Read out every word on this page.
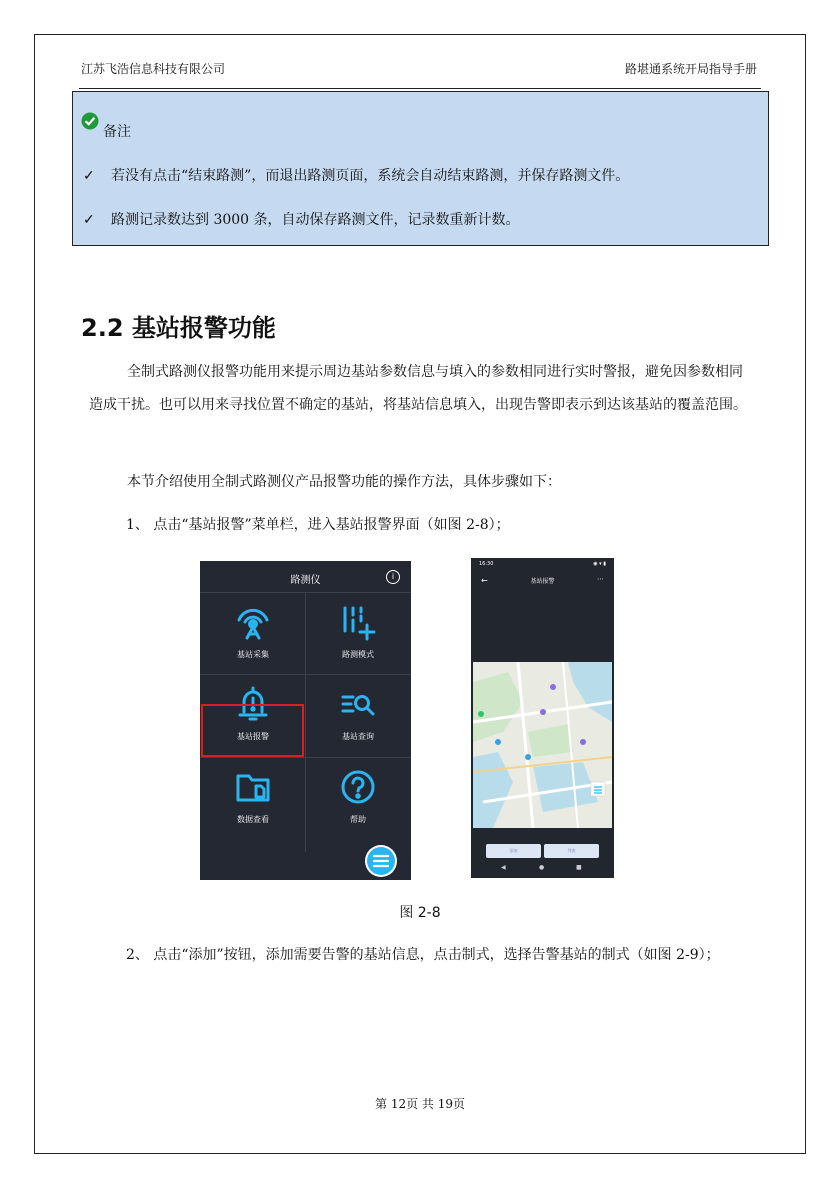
江苏飞浩信息科技有限公司	路堪通系统开局指导手册
备注
✓ 若没有点击“结束路测”，而退出路测页面，系统会自动结束路测，并保存路测文件。
✓ 路测记录数达到 3000 条，自动保存路测文件，记录数重新计数。
2.2 基站报警功能

全制式路测仪报警功能用来提示周边基站参数信息与填入的参数相同进行实时警报，避免因参数相同造成干扰。也可以用来寻找位置不确定的基站，将基站信息填入，出现告警即表示到达该基站的覆盖范围。

本节介绍使用全制式路测仪产品报警功能的操作方法，具体步骤如下：

1、 点击“基站报警”菜单栏，进入基站报警界面（如图 2-8）；
路测仪	i
基站采集	路测模式
基站报警	基站查询
数据查看	帮助
16:30	◉ ▾ ▮
←	基站报警	⋯
添加	列表
◀	●	■
图 2-8
2、 点击“添加”按钮，添加需要告警的基站信息，点击制式，选择告警基站的制式（如图 2-9）；
第 12页 共 19页
